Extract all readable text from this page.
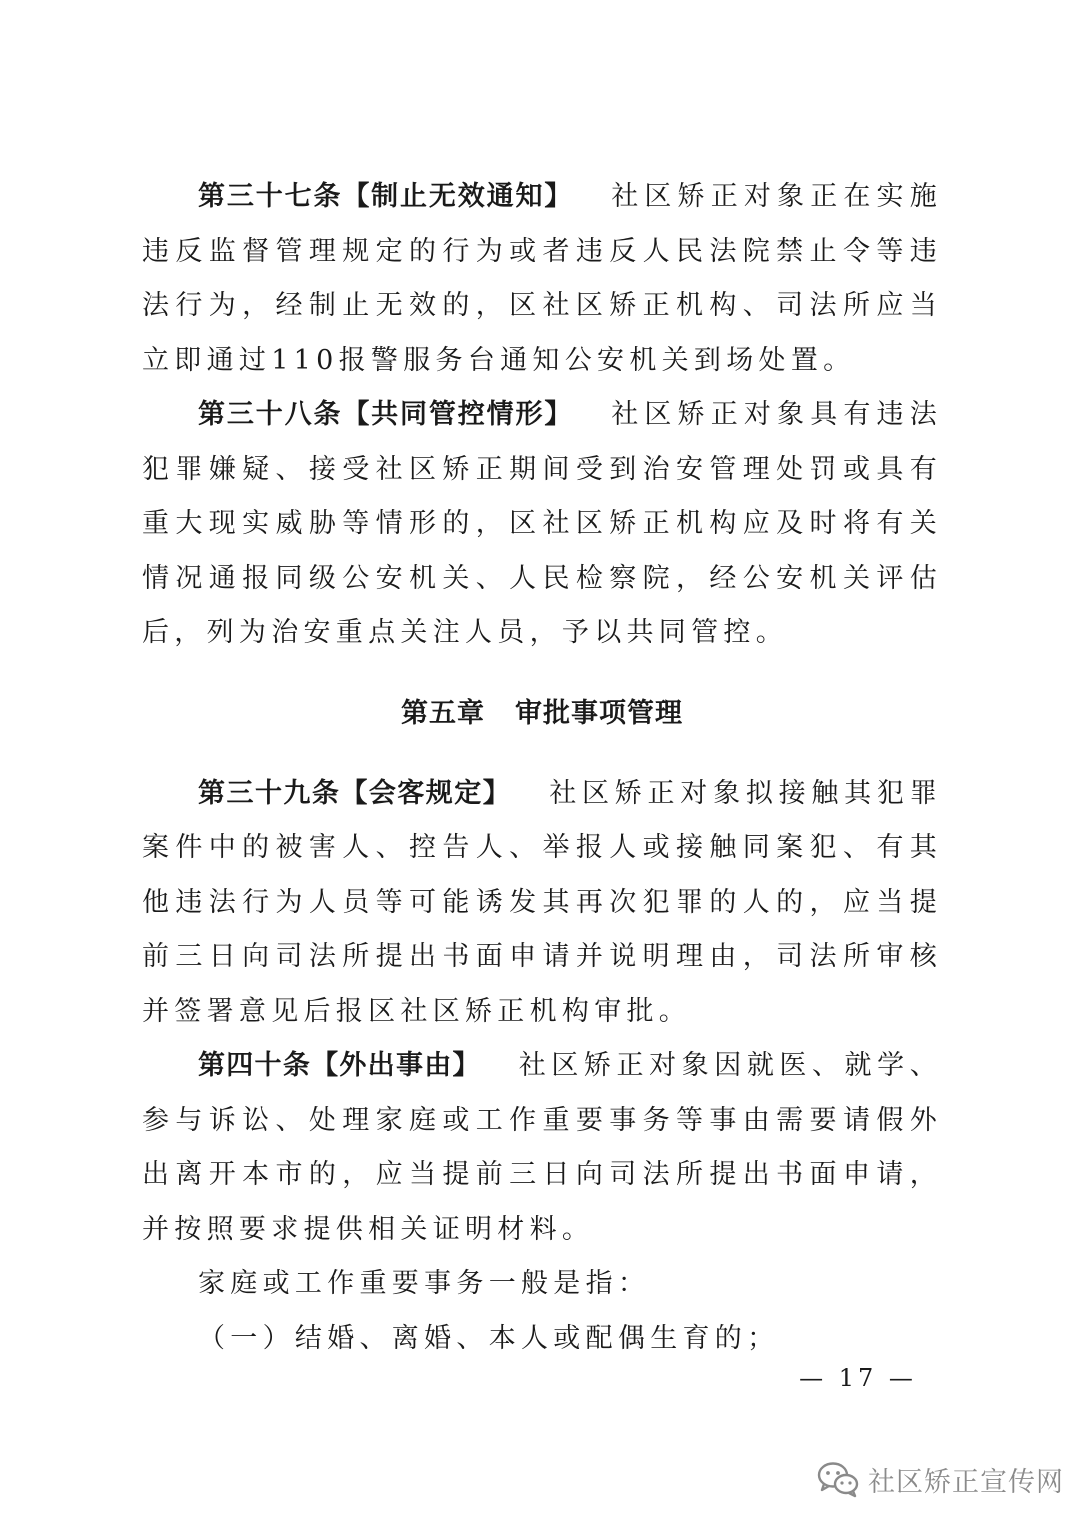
第三十七条【制止无效通知】 社区矫正对象正在实施违反监督管理规定的行为或者违反人民法院禁止令等违法行为，经制止无效的，区社区矫正机构、司法所应当立即通过110报警服务台通知公安机关到场处置。

第三十八条【共同管控情形】 社区矫正对象具有违法犯罪嫌疑、接受社区矫正期间受到治安管理处罚或具有重大现实威胁等情形的，区社区矫正机构应及时将有关情况通报同级公安机关、人民检察院，经公安机关评估后，列为治安重点关注人员，予以共同管控。

第五章 审批事项管理

第三十九条【会客规定】 社区矫正对象拟接触其犯罪案件中的被害人、控告人、举报人或接触同案犯、有其他违法行为人员等可能诱发其再次犯罪的人的，应当提前三日向司法所提出书面申请并说明理由，司法所审核并签署意见后报区社区矫正机构审批。

第四十条【外出事由】 社区矫正对象因就医、就学、参与诉讼、处理家庭或工作重要事务等事由需要请假外出离开本市的，应当提前三日向司法所提出书面申请，并按照要求提供相关证明材料。

家庭或工作重要事务一般是指：

（一）结婚、离婚、本人或配偶生育的；

— 17 —
社区矫正宣传网
